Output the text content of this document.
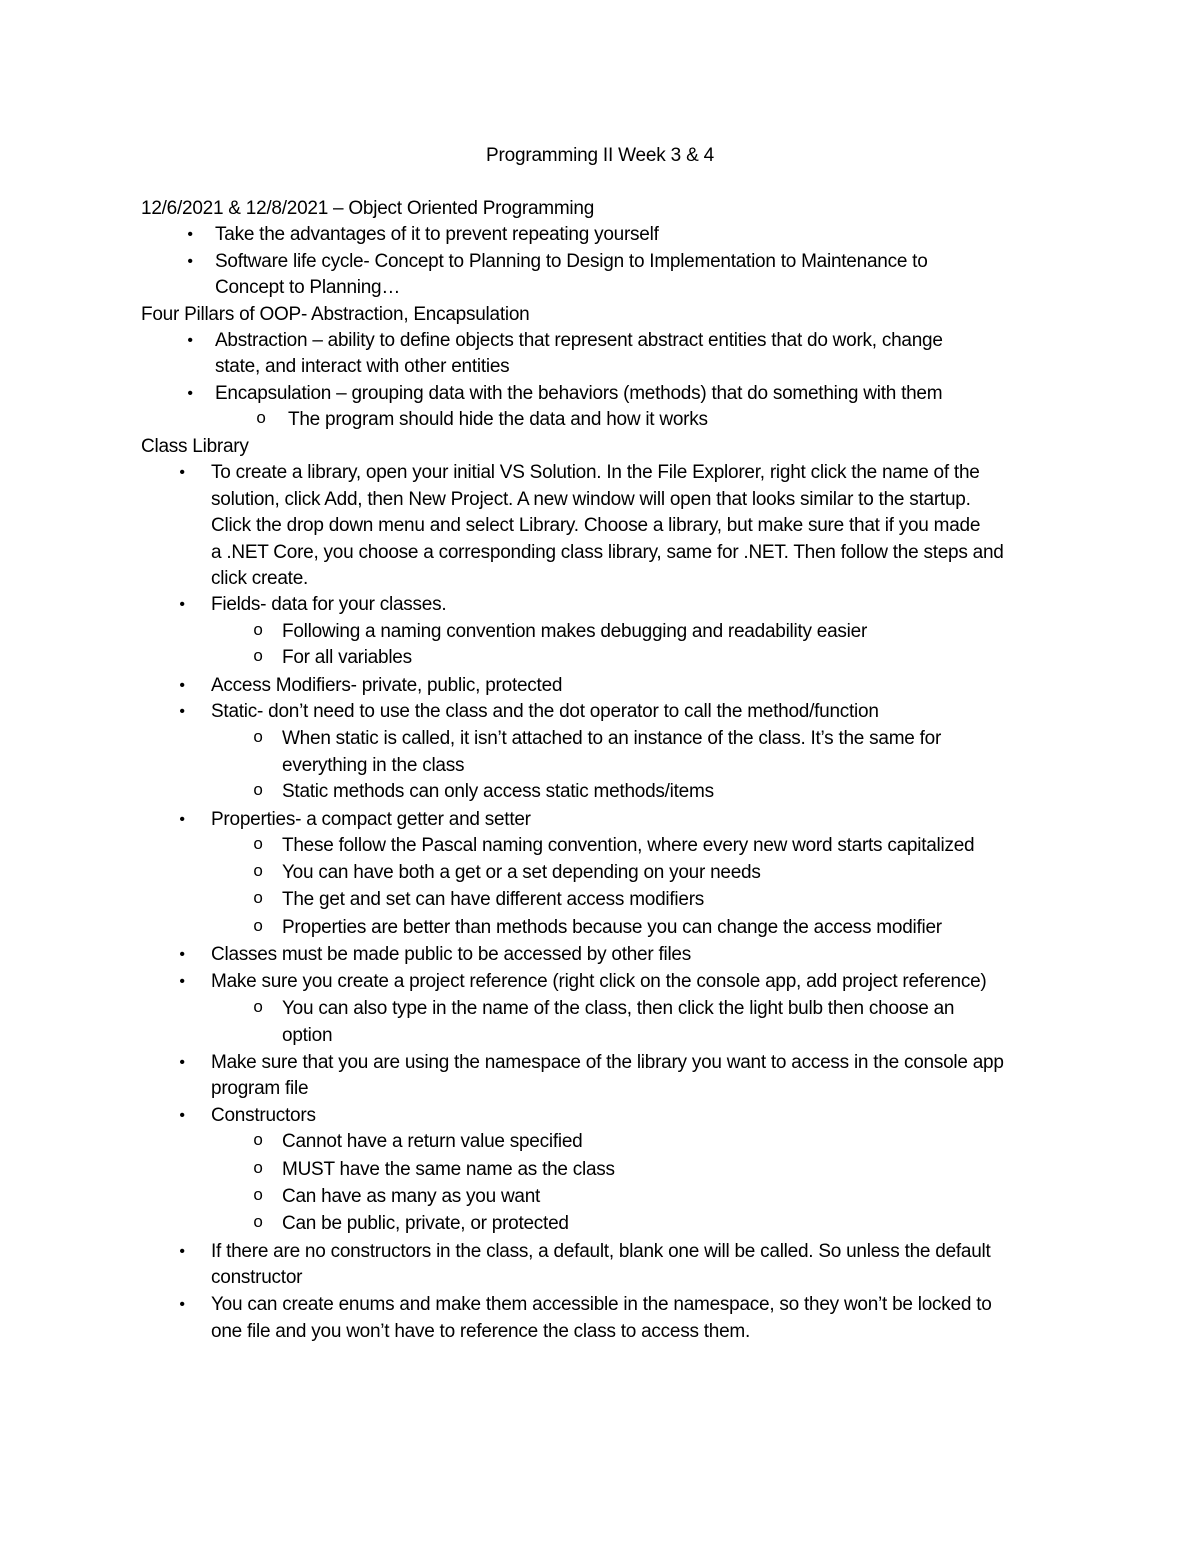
Programming II Week 3 & 4
12/6/2021 & 12/8/2021 – Object Oriented Programming
• Take the advantages of it to prevent repeating yourself
• Software life cycle- Concept to Planning to Design to Implementation to Maintenance to
Concept to Planning…
Four Pillars of OOP- Abstraction, Encapsulation
• Abstraction – ability to define objects that represent abstract entities that do work, change
state, and interact with other entities
• Encapsulation – grouping data with the behaviors (methods) that do something with them
o The program should hide the data and how it works
Class Library
• To create a library, open your initial VS Solution. In the File Explorer, right click the name of the
solution, click Add, then New Project. A new window will open that looks similar to the startup.
Click the drop down menu and select Library. Choose a library, but make sure that if you made
a .NET Core, you choose a corresponding class library, same for .NET. Then follow the steps and
click create.
• Fields- data for your classes.
o Following a naming convention makes debugging and readability easier
o For all variables
• Access Modifiers- private, public, protected
• Static- don’t need to use the class and the dot operator to call the method/function
o When static is called, it isn’t attached to an instance of the class. It’s the same for
everything in the class
o Static methods can only access static methods/items
• Properties- a compact getter and setter
o These follow the Pascal naming convention, where every new word starts capitalized
o You can have both a get or a set depending on your needs
o The get and set can have different access modifiers
o Properties are better than methods because you can change the access modifier
• Classes must be made public to be accessed by other files
• Make sure you create a project reference (right click on the console app, add project reference)
o You can also type in the name of the class, then click the light bulb then choose an
option
• Make sure that you are using the namespace of the library you want to access in the console app
program file
• Constructors
o Cannot have a return value specified
o MUST have the same name as the class
o Can have as many as you want
o Can be public, private, or protected
• If there are no constructors in the class, a default, blank one will be called. So unless the default
constructor
• You can create enums and make them accessible in the namespace, so they won’t be locked to
one file and you won’t have to reference the class to access them.
